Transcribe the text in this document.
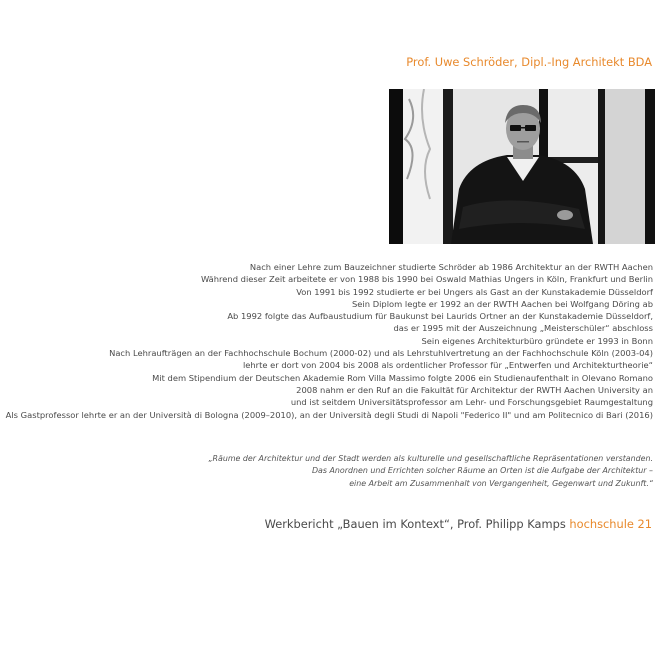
Prof. Uwe Schröder, Dipl.-Ing Architekt BDA
Nach einer Lehre zum Bauzeichner studierte Schröder ab 1986 Architektur an der RWTH Aachen
Während dieser Zeit arbeitete er von 1988 bis 1990 bei Oswald Mathias Ungers in Köln, Frankfurt und Berlin
Von 1991 bis 1992 studierte er bei Ungers als Gast an der Kunstakademie Düsseldorf
Sein Diplom legte er 1992 an der RWTH Aachen bei Wolfgang Döring ab
Ab 1992 folgte das Aufbaustudium für Baukunst bei Laurids Ortner an der Kunstakademie Düsseldorf,
das er 1995 mit der Auszeichnung „Meisterschüler“ abschloss
Sein eigenes Architekturbüro gründete er 1993 in Bonn
Nach Lehraufträgen an der Fachhochschule Bochum (2000-02) und als Lehrstuhlvertretung an der Fachhochschule Köln (2003-04)
lehrte er dort von 2004 bis 2008 als ordentlicher Professor für „Entwerfen und Architekturtheorie“
Mit dem Stipendium der Deutschen Akademie Rom Villa Massimo folgte 2006 ein Studienaufenthalt in Olevano Romano
2008 nahm er den Ruf an die Fakultät für Architektur der RWTH Aachen University an
und ist seitdem Universitätsprofessor am Lehr- und Forschungsgebiet Raumgestaltung
Als Gastprofessor lehrte er an der Università di Bologna (2009–2010), an der Università degli Studi di Napoli "Federico II" und am Politecnico di Bari (2016)
„Räume der Architektur und der Stadt werden als kulturelle und gesellschaftliche Repräsentationen verstanden.
Das Anordnen und Errichten solcher Räume an Orten ist die Aufgabe der Architektur –
eine Arbeit am Zusammenhalt von Vergangenheit, Gegenwart und Zukunft.“

Werkbericht „Bauen im Kontext“, Prof. Philipp Kamps hochschule 21
